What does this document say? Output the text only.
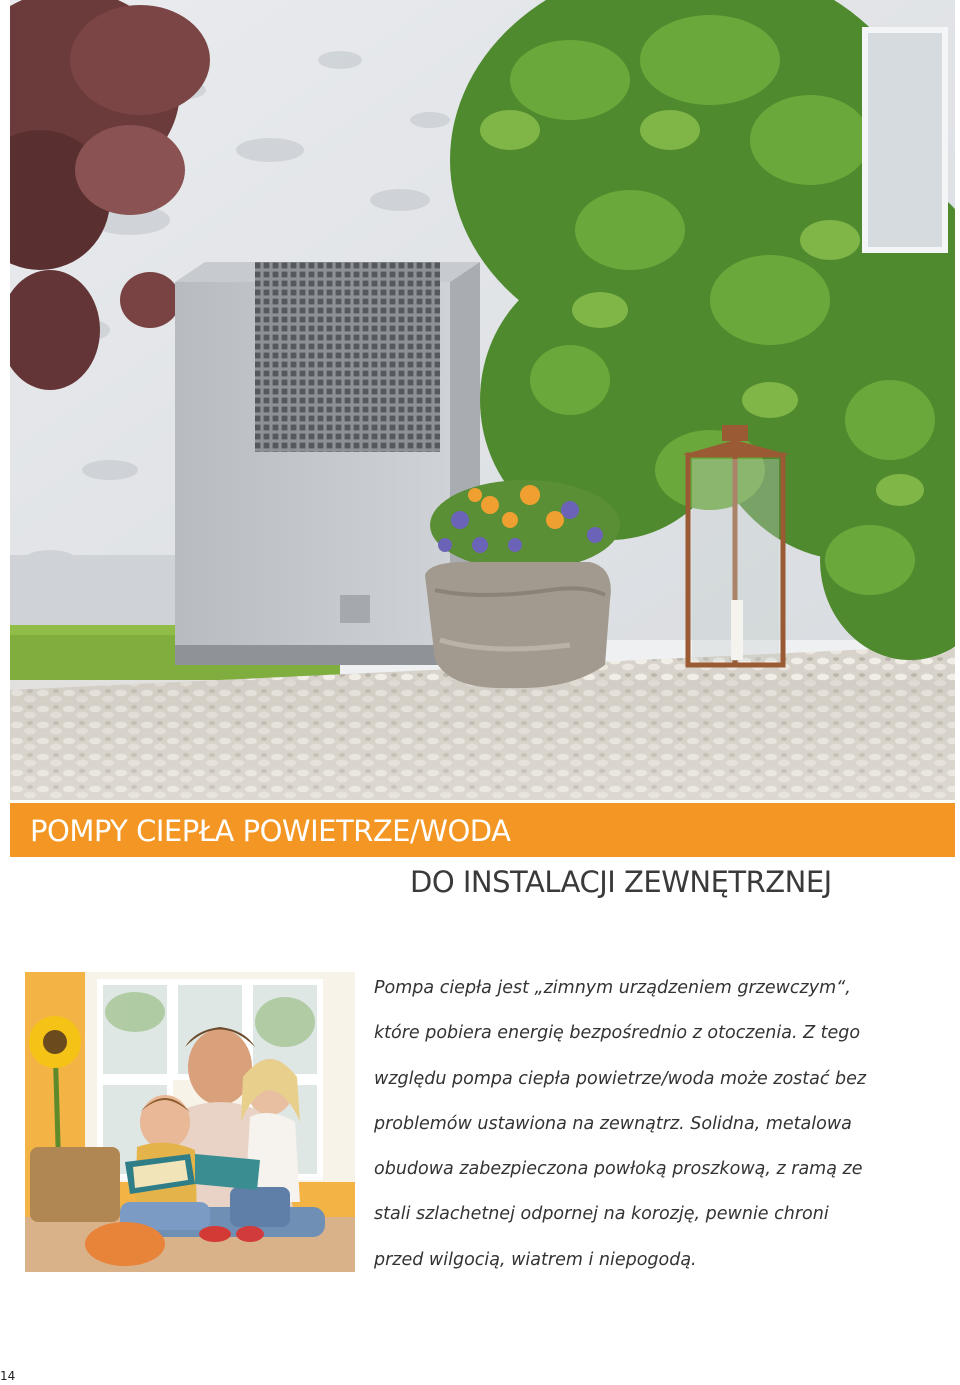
POMPY CIEPŁA POWIETRZE/WODA
DO INSTALACJI ZEWNĘTRZNEJ
Pompa ciepła jest „zimnym urządzeniem grzewczym“,
które pobiera energię bezpośrednio z otoczenia. Z tego
względu pompa ciepła powietrze/woda może zostać bez
problemów ustawiona na zewnątrz. Solidna, metalowa
obudowa zabezpieczona powłoką proszkową, z ramą ze
stali szlachetnej odpornej na korozję, pewnie chroni
przed wilgocią, wiatrem i niepogodą.
14
